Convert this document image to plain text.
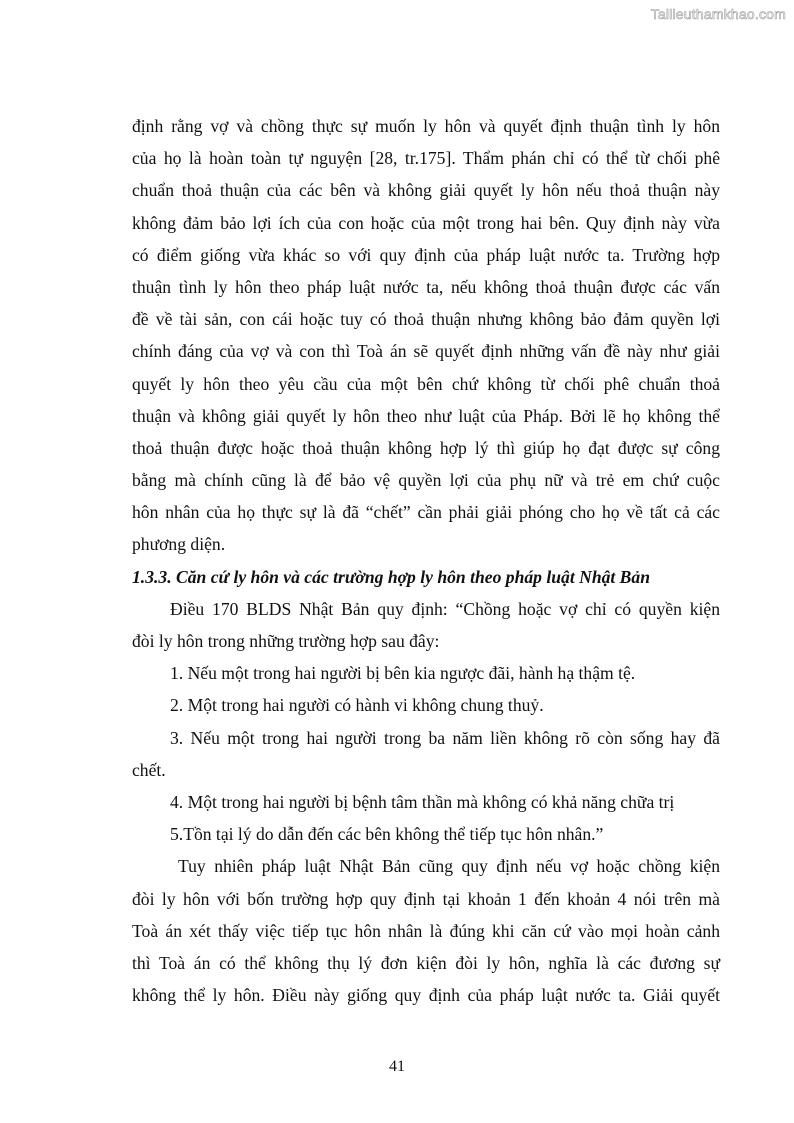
Tailieuthamkhao.com
định rằng vợ và chồng thực sự muốn ly hôn và quyết định thuận tình ly hôn
của họ là hoàn toàn tự nguyện [28, tr.175]. Thẩm phán chỉ có thể từ chối phê
chuẩn thoả thuận của các bên và không giải quyết ly hôn nếu thoả thuận này
không đảm bảo lợi ích của con hoặc của một trong hai bên. Quy định này vừa
có điểm giống vừa khác so với quy định của pháp luật nước ta. Trường hợp
thuận tình ly hôn theo pháp luật nước ta, nếu không thoả thuận được các vấn
đề về tài sản, con cái hoặc tuy có thoả thuận nhưng không bảo đảm quyền lợi
chính đáng của vợ và con thì Toà án sẽ quyết định những vấn đề này như giải
quyết ly hôn theo yêu cầu của một bên chứ không từ chối phê chuẩn thoả
thuận và không giải quyết ly hôn theo như luật của Pháp. Bởi lẽ họ không thể
thoả thuận được hoặc thoả thuận không hợp lý thì giúp họ đạt được sự công
bằng mà chính cũng là để bảo vệ quyền lợi của phụ nữ và trẻ em chứ cuộc
hôn nhân của họ thực sự là đã “chết” cần phải giải phóng cho họ về tất cả các
phương diện.
1.3.3. Căn cứ ly hôn và các trường hợp ly hôn theo pháp luật Nhật Bản
Điều 170 BLDS Nhật Bản quy định: “Chồng hoặc vợ chỉ có quyền kiện
đòi ly hôn trong những trường hợp sau đây:
1. Nếu một trong hai người bị bên kia ngược đãi, hành hạ thậm tệ.
2. Một trong hai người có hành vi không chung thuỷ.
3. Nếu một trong hai người trong ba năm liền không rõ còn sống hay đã
chết.
4. Một trong hai người bị bệnh tâm thần mà không có khả năng chữa trị
5.Tồn tại lý do dẫn đến các bên không thể tiếp tục hôn nhân.”
Tuy nhiên pháp luật Nhật Bản cũng quy định nếu vợ hoặc chồng kiện
đòi ly hôn với bốn trường hợp quy định tại khoản 1 đến khoản 4 nói trên mà
Toà án xét thấy việc tiếp tục hôn nhân là đúng khi căn cứ vào mọi hoàn cảnh
thì Toà án có thể không thụ lý đơn kiện đòi ly hôn, nghĩa là các đương sự
không thể ly hôn. Điều này giống quy định của pháp luật nước ta. Giải quyết
41
